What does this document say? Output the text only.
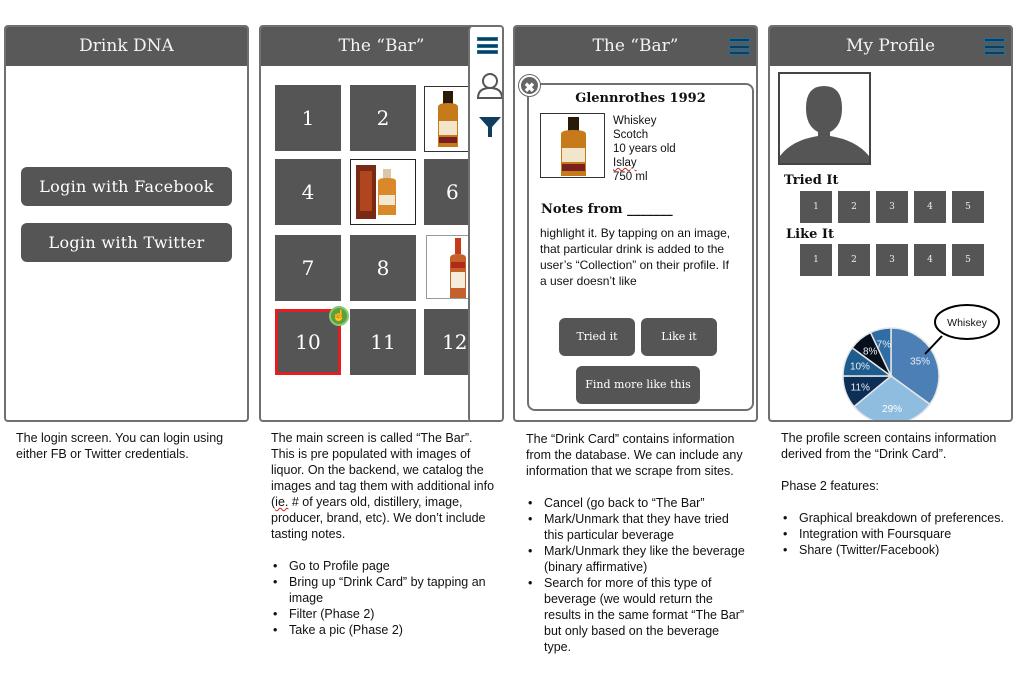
Drink DNA
Login with Facebook
Login with Twitter
The “Bar”
1	2
4	6
7	8
10
☝
11	12
The “Bar”
Glennrothes 1992
Whiskey
Scotch
10 years old
Islay
750 ml
Notes from _______
highlight it. By tapping on an image, that particular drink is added to the user’s “Collection” on their profile. If a user doesn’t like
Tried it	Like it
Find more like this
✖
My Profile
Tried It
1	2	3	4	5
Like It
1	2	3	4	5
35%
29%
11%
10%
8%
7%
Whiskey

The login screen. You can login using either FB or Twitter credentials.

The main screen is called “The Bar”. This is pre populated with images of liquor. On the backend, we catalog the images and tag them with additional info (ie. # of years old, distillery, image, producer, brand, etc). We don’t include tasting notes.

• Go to Profile page
• Bring up “Drink Card” by tapping an image
• Filter (Phase 2)
• Take a pic (Phase 2)

The “Drink Card” contains information from the database. We can include any information that we scrape from sites.

• Cancel (go back to “The Bar”
• Mark/Unmark that they have tried this particular beverage
• Mark/Unmark they like the beverage (binary affirmative)
• Search for more of this type of beverage (we would return the results in the same format “The Bar” but only based on the beverage type.

The profile screen contains information derived from the “Drink Card”.

Phase 2 features:

• Graphical breakdown of preferences.
• Integration with Foursquare
• Share (Twitter/Facebook)
